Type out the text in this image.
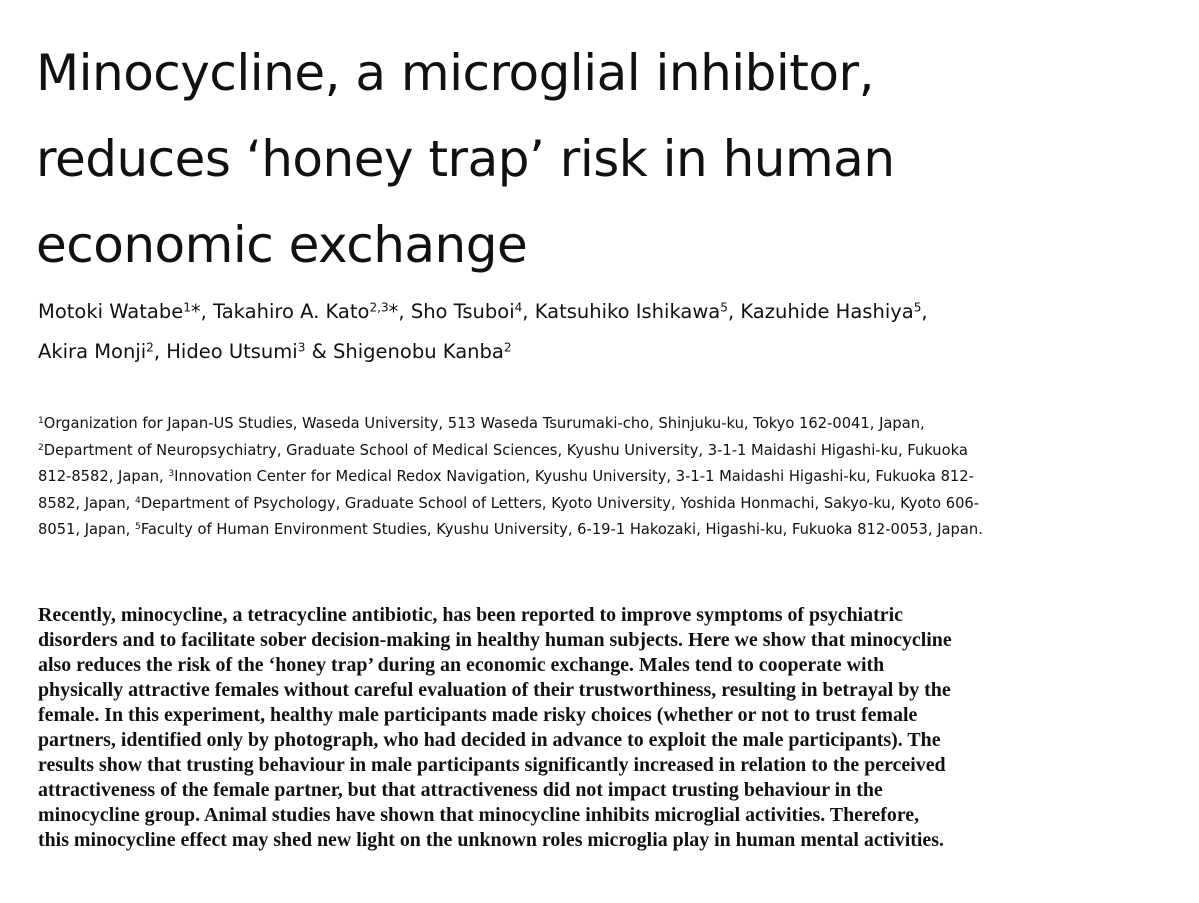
Minocycline, a microglial inhibitor,
reduces ‘honey trap’ risk in human
economic exchange
Motoki Watabe$^1$*, Takahiro A. Kato$^{2,3}$*, Sho Tsuboi$^4$, Katsuhiko Ishikawa$^5$, Kazuhide Hashiya$^5$,
Akira Monji$^2$, Hideo Utsumi$^3$ & Shigenobu Kanba$^2$
$^1$Organization for Japan-US Studies, Waseda University, 513 Waseda Tsurumaki-cho, Shinjuku-ku, Tokyo 162-0041, Japan,
$^2$Department of Neuropsychiatry, Graduate School of Medical Sciences, Kyushu University, 3-1-1 Maidashi Higashi-ku, Fukuoka
812-8582, Japan, $^3$Innovation Center for Medical Redox Navigation, Kyushu University, 3-1-1 Maidashi Higashi-ku, Fukuoka 812-
8582, Japan, $^4$Department of Psychology, Graduate School of Letters, Kyoto University, Yoshida Honmachi, Sakyo-ku, Kyoto 606-
8051, Japan, $^5$Faculty of Human Environment Studies, Kyushu University, 6-19-1 Hakozaki, Higashi-ku, Fukuoka 812-0053, Japan.
Recently, minocycline, a tetracycline antibiotic, has been reported to improve symptoms of psychiatric
disorders and to facilitate sober decision-making in healthy human subjects. Here we show that minocycline
also reduces the risk of the ‘honey trap’ during an economic exchange. Males tend to cooperate with
physically attractive females without careful evaluation of their trustworthiness, resulting in betrayal by the
female. In this experiment, healthy male participants made risky choices (whether or not to trust female
partners, identified only by photograph, who had decided in advance to exploit the male participants). The
results show that trusting behaviour in male participants significantly increased in relation to the perceived
attractiveness of the female partner, but that attractiveness did not impact trusting behaviour in the
minocycline group. Animal studies have shown that minocycline inhibits microglial activities. Therefore,
this minocycline effect may shed new light on the unknown roles microglia play in human mental activities.
